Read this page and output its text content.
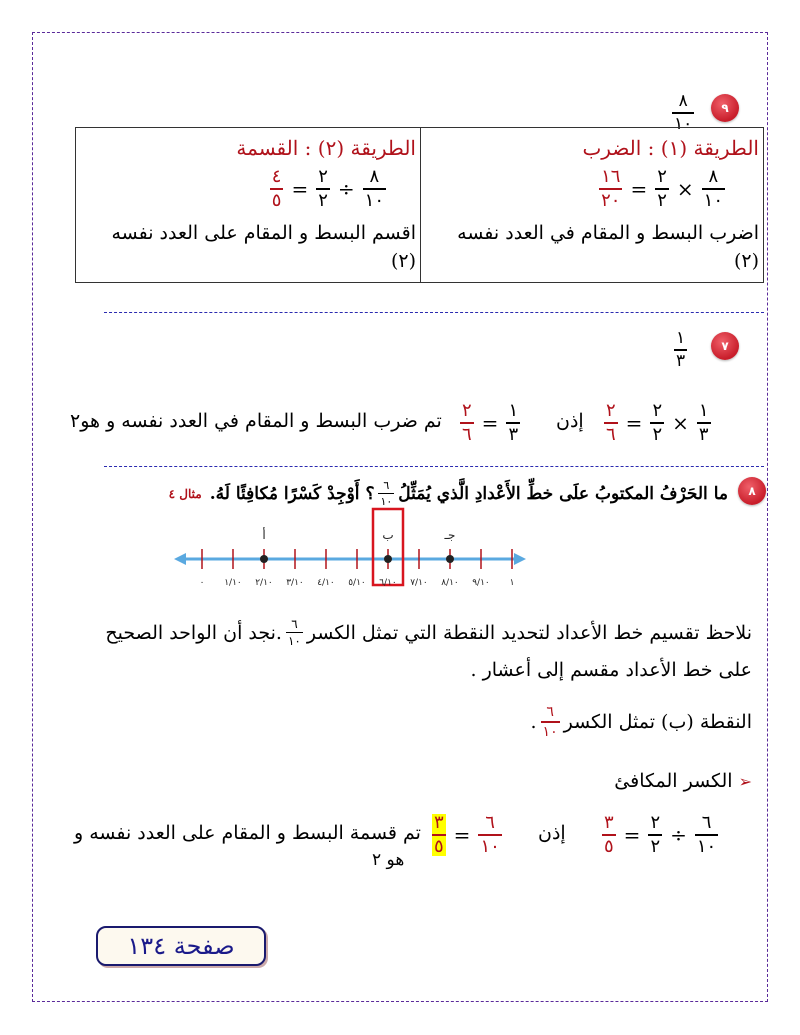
٩
$\frac{٨}{١٠}$
الطريقة (١) : الضرب
$\frac{١٦}{٢٠} = \frac{٢}{٢} \times \frac{٨}{١٠}$
اضرب البسط و المقام في العدد نفسه
(٢)
الطريقة (٢) : القسمة
$\frac{٤}{٥} = \frac{٢}{٢} \div \frac{٨}{١٠}$
اقسم البسط و المقام على العدد نفسه
(٢)
٧
$\frac{١}{٣}$
$\frac{٢}{٦} = \frac{٢}{٢} \times \frac{١}{٣}$
إذن
$\frac{٢}{٦} = \frac{١}{٣}$
تم ضرب البسط و المقام في العدد نفسه و هو٢
٨
ما الحَرْفُ المكتوبُ علَى خطِّ الأَعْدادِ الَّذي يُمَثِّلُ
$\frac{٦}{١٠}$
؟ أَوْجِدْ كَسْرًا مُكافِئًا لَهُ.
مثال ٤
٠ ١/١٠ ٢/١٠ ٣/١٠ ٤/١٠ ٥/١٠ ٦/١٠ ٧/١٠ ٨/١٠ ٩/١٠ ١
أ	ب	جـ
نلاحظ تقسيم خط الأعداد لتحديد النقطة التي تمثل الكسر
$\frac{٦}{١٠}$
.نجد أن الواحد الصحيح
على خط الأعداد مقسم إلى أعشار .
النقطة (ب) تمثل الكسر
$\frac{٦}{١٠}$
.
➢
الكسر المكافئ
$\frac{٣}{٥} = \frac{٢}{٢} \div \frac{٦}{١٠}$
إذن
$\frac{٣}{٥} = \frac{٦}{١٠}$
تم قسمة البسط و المقام على العدد نفسه و
هو ٢
صفحة ١٣٤
